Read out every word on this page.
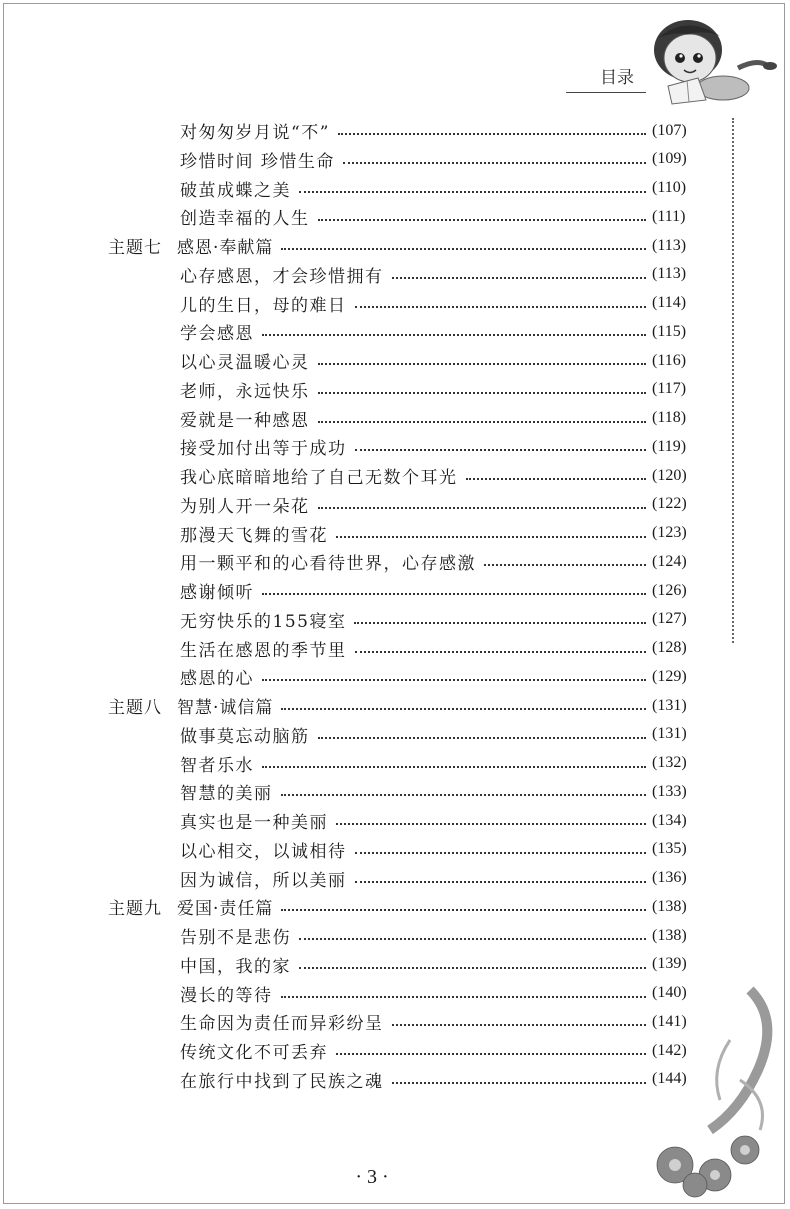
目录
对匆匆岁月说“不”	(107)
珍惜时间 珍惜生命	(109)
破茧成蝶之美	(110)
创造幸福的人生	(111)
主题七 感恩·奉献篇	(113)
心存感恩，才会珍惜拥有	(113)
儿的生日，母的难日	(114)
学会感恩	(115)
以心灵温暖心灵	(116)
老师，永远快乐	(117)
爱就是一种感恩	(118)
接受加付出等于成功	(119)
我心底暗暗地给了自己无数个耳光	(120)
为别人开一朵花	(122)
那漫天飞舞的雪花	(123)
用一颗平和的心看待世界，心存感激	(124)
感谢倾听	(126)
无穷快乐的155寝室	(127)
生活在感恩的季节里	(128)
感恩的心	(129)
主题八 智慧·诚信篇	(131)
做事莫忘动脑筋	(131)
智者乐水	(132)
智慧的美丽	(133)
真实也是一种美丽	(134)
以心相交，以诚相待	(135)
因为诚信，所以美丽	(136)
主题九 爱国·责任篇	(138)
告别不是悲伤	(138)
中国，我的家	(139)
漫长的等待	(140)
生命因为责任而异彩纷呈	(141)
传统文化不可丢弃	(142)
在旅行中找到了民族之魂	(144)
· 3 ·
